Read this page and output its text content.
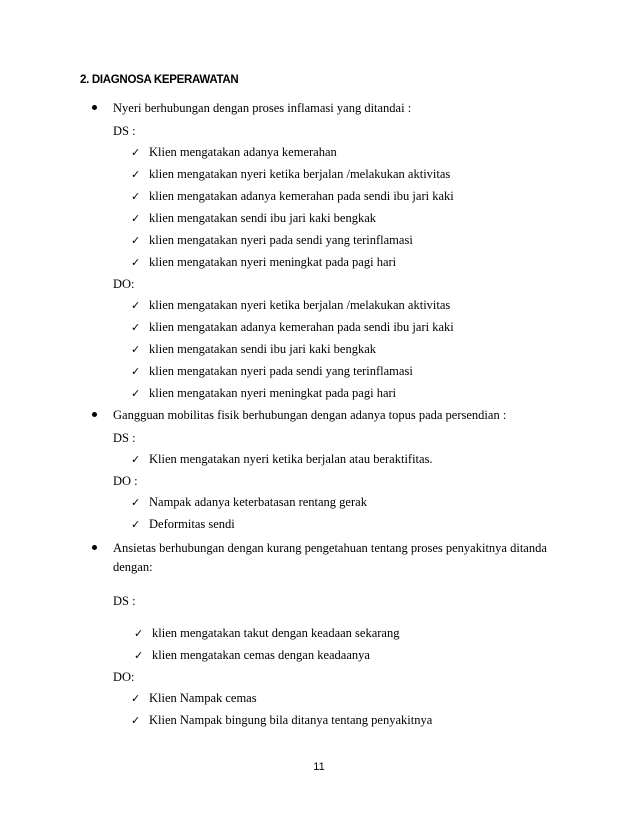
2. DIAGNOSA KEPERAWATAN
Nyeri berhubungan dengan proses inflamasi yang ditandai :
DS :
✓ Klien mengatakan adanya kemerahan
✓ klien mengatakan nyeri ketika berjalan /melakukan aktivitas
✓ klien mengatakan adanya kemerahan pada sendi ibu jari kaki
✓ klien mengatakan sendi ibu jari kaki bengkak
✓ klien mengatakan nyeri pada sendi yang terinflamasi
✓ klien mengatakan nyeri meningkat pada pagi hari
DO:
✓ klien mengatakan nyeri ketika berjalan /melakukan aktivitas
✓ klien mengatakan adanya kemerahan pada sendi ibu jari kaki
✓ klien mengatakan sendi ibu jari kaki bengkak
✓ klien mengatakan nyeri pada sendi yang terinflamasi
✓ klien mengatakan nyeri meningkat pada pagi hari
Gangguan mobilitas fisik berhubungan dengan adanya topus pada persendian :
DS :
✓ Klien mengatakan nyeri ketika berjalan atau beraktifitas.
DO :
✓ Nampak adanya keterbatasan rentang gerak
✓ Deformitas sendi
Ansietas berhubungan dengan kurang pengetahuan tentang proses penyakitnya ditanda
dengan:
DS :
✓ klien mengatakan takut dengan keadaan sekarang
✓ klien mengatakan cemas dengan keadaanya
DO:
✓ Klien Nampak cemas
✓ Klien Nampak bingung bila ditanya tentang penyakitnya
11
